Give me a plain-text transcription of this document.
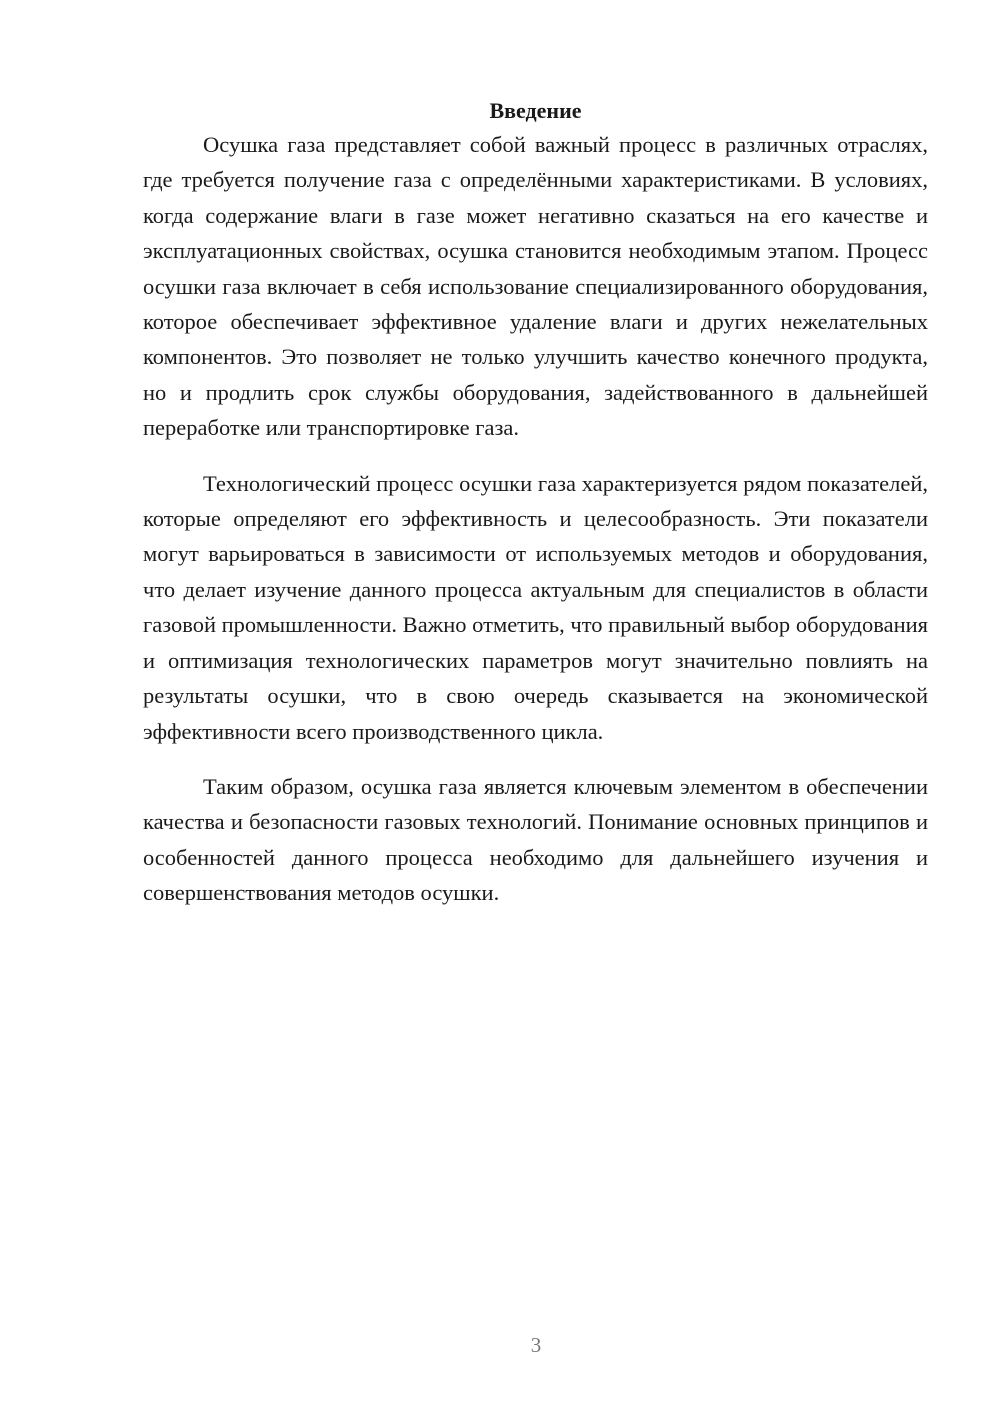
Введение

Осушка газа представляет собой важный процесс в различных отраслях, где требуется получение газа с определёнными характеристиками. В условиях, когда содержание влаги в газе может негативно сказаться на его качестве и эксплуатационных свойствах, осушка становится необходимым этапом. Процесс осушки газа включает в себя использование специализированного оборудования, которое обеспечивает эффективное удаление влаги и других нежелательных компонентов. Это позволяет не только улучшить качество конечного продукта, но и продлить срок службы оборудования, задействованного в дальнейшей переработке или транспортировке газа.

Технологический процесс осушки газа характеризуется рядом показателей, которые определяют его эффективность и целесообразность. Эти показатели могут варьироваться в зависимости от используемых методов и оборудования, что делает изучение данного процесса актуальным для специалистов в области газовой промышленности. Важно отметить, что правильный выбор оборудования и оптимизация технологических параметров могут значительно повлиять на результаты осушки, что в свою очередь сказывается на экономической эффективности всего производственного цикла.

Таким образом, осушка газа является ключевым элементом в обеспечении качества и безопасности газовых технологий. Понимание основных принципов и особенностей данного процесса необходимо для дальнейшего изучения и совершенствования методов осушки.

3
